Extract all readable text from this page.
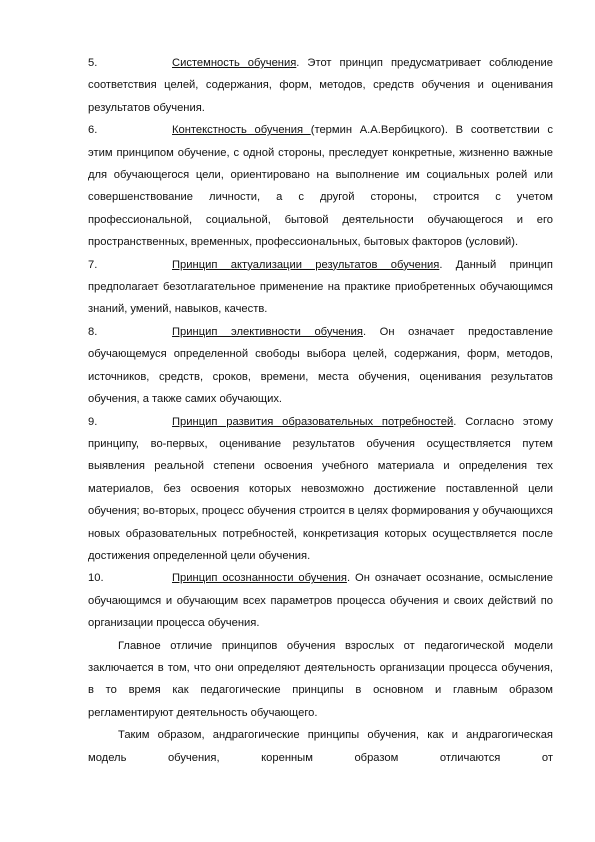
5.	Системность обучения. Этот принцип предусматривает соблюдение соответствия целей, содержания, форм, методов, средств обучения и оценивания результатов обучения.

6.	Контекстность обучения (термин А.А.Вербицкого). В соответствии с этим принципом обучение, с одной стороны, преследует конкретные, жизненно важные для обучающегося цели, ориентировано на выполнение им социальных ролей или совершенствование личности, а с другой стороны, строится с учетом профессиональной, социальной, бытовой деятельности обучающегося и его пространственных, временных, профессиональных, бытовых факторов (условий).

7.	Принцип актуализации результатов обучения. Данный принцип предполагает безотлагательное применение на практике приобретенных обучающимся знаний, умений, навыков, качеств.

8.	Принцип элективности обучения. Он означает предоставление обучающемуся определенной свободы выбора целей, содержания, форм, методов, источников, средств, сроков, времени, места обучения, оценивания результатов обучения, а также самих обучающих.

9.	Принцип развития образовательных потребностей. Согласно этому принципу, во-первых, оценивание результатов обучения осуществляется путем выявления реальной степени освоения учебного материала и определения тех материалов, без освоения которых невозможно достижение поставленной цели обучения; во-вторых, процесс обучения строится в целях формирования у обучающихся новых образовательных потребностей, конкретизация которых осуществляется после достижения определенной цели обучения.

10.	Принцип осознанности обучения. Он означает осознание, осмысление обучающимся и обучающим всех параметров процесса обучения и своих действий по организации процесса обучения.

Главное отличие принципов обучения взрослых от педагогической модели заключается в том, что они определяют деятельность организации процесса обучения, в то время как педагогические принципы в основном и главным образом регламентируют деятельность обучающего.

Таким образом, андрагогические принципы обучения, как и андрагогическая модель обучения, коренным образом отличаются от
